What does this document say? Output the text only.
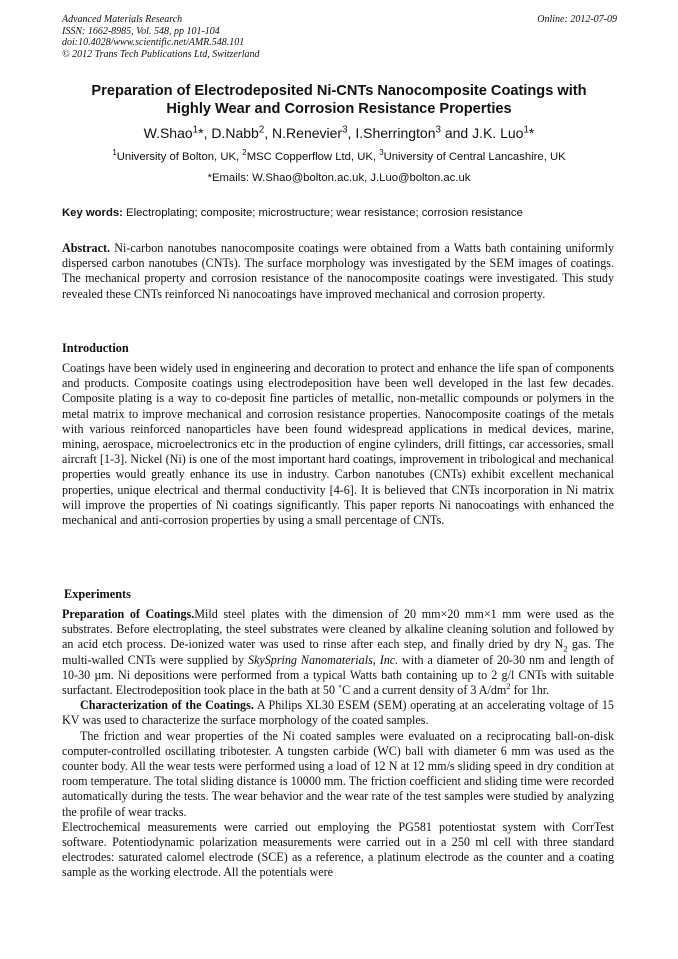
Advanced Materials Research
ISSN: 1662-8985, Vol. 548, pp 101-104
doi:10.4028/www.scientific.net/AMR.548.101
© 2012 Trans Tech Publications Ltd, Switzerland
Online: 2012-07-09
Preparation of Electrodeposited Ni-CNTs Nanocomposite Coatings with
Highly Wear and Corrosion Resistance Properties
W.Shao$^1$*, D.Nabb$^2$, N.Renevier$^3$, I.Sherrington$^3$ and J.K. Luo$^1$*
$^1$University of Bolton, UK, $^2$MSC Copperflow Ltd, UK, $^3$University of Central Lancashire, UK
*Emails: W.Shao@bolton.ac.uk, J.Luo@bolton.ac.uk
Key words: Electroplating; composite; microstructure; wear resistance; corrosion resistance
Abstract. Ni-carbon nanotubes nanocomposite coatings were obtained from a Watts bath containing uniformly dispersed carbon nanotubes (CNTs). The surface morphology was investigated by the SEM images of coatings. The mechanical property and corrosion resistance of the nanocomposite coatings were investigated. This study revealed these CNTs reinforced Ni nanocoatings have improved mechanical and corrosion property.
Introduction
Coatings have been widely used in engineering and decoration to protect and enhance the life span of components and products. Composite coatings using electrodeposition have been well developed in the last few decades. Composite plating is a way to co-deposit fine particles of metallic, non-metallic compounds or polymers in the metal matrix to improve mechanical and corrosion resistance properties. Nanocomposite coatings of the metals with various reinforced nanoparticles have been found widespread applications in medical devices, marine, mining, aerospace, microelectronics etc in the production of engine cylinders, drill fittings, car accessories, small aircraft [1-3]. Nickel (Ni) is one of the most important hard coatings, improvement in tribological and mechanical properties would greatly enhance its use in industry. Carbon nanotubes (CNTs) exhibit excellent mechanical properties, unique electrical and thermal conductivity [4-6]. It is believed that CNTs incorporation in Ni matrix will improve the properties of Ni coatings significantly. This paper reports Ni nanocoatings with enhanced the mechanical and anti-corrosion properties by using a small percentage of CNTs.
Experiments

Preparation of Coatings.Mild steel plates with the dimension of 20 mm×20 mm×1 mm were used as the substrates. Before electroplating, the steel substrates were cleaned by alkaline cleaning solution and followed by an acid etch process. De-ionized water was used to rinse after each step, and finally dried by dry $N_2$ gas. The multi-walled CNTs were supplied by SkySpring Nanomaterials, Inc. with a diameter of 20-30 nm and length of 10-30 µm. Ni depositions were performed from a typical Watts bath containing up to 2 g/l CNTs with suitable surfactant. Electrodeposition took place in the bath at 50 ˚C and a current density of 3 $A/dm^2$ for 1hr.

Characterization of the Coatings. A Philips XL30 ESEM (SEM) operating at an accelerating voltage of 15 KV was used to characterize the surface morphology of the coated samples.

The friction and wear properties of the Ni coated samples were evaluated on a reciprocating ball-on-disk computer-controlled oscillating tribotester. A tungsten carbide (WC) ball with diameter 6 mm was used as the counter body. All the wear tests were performed using a load of 12 N at 12 mm/s sliding speed in dry condition at room temperature. The total sliding distance is 10000 mm. The friction coefficient and sliding time were recorded automatically during the tests. The wear behavior and the wear rate of the test samples were studied by analyzing the profile of wear tracks.

Electrochemical measurements were carried out employing the PG581 potentiostat system with CorrTest software. Potentiodynamic polarization measurements were carried out in a 250 ml cell with three standard electrodes: saturated calomel electrode (SCE) as a reference, a platinum electrode as the counter and a coating sample as the working electrode. All the potentials were
